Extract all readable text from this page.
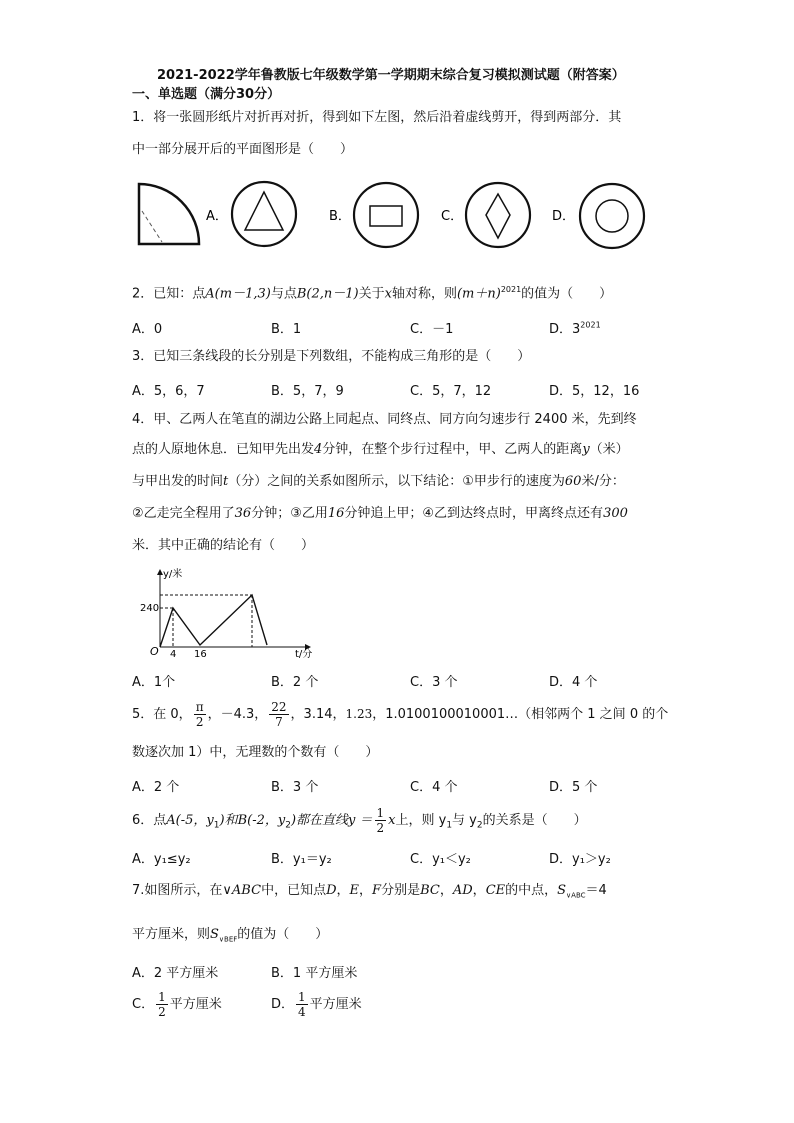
2021-2022学年鲁教版七年级数学第一学期期末综合复习模拟测试题（附答案）
一、单选题（满分30分）
1．将一张圆形纸片对折再对折，得到如下左图，然后沿着虚线剪开，得到两部分．其
中一部分展开后的平面图形是（　　）
A．	B．	C．	D．
2．已知：点A(m－1,3)与点B(2,n－1)关于x轴对称，则$(m+n)^{2021}$的值为（　　）
A．0	B．1	C．－1	D．$3^{2021}$
3．已知三条线段的长分别是下列数组，不能构成三角形的是（　　）
A．5，6，7	B．5，7，9	C．5，7，12	D．5，12，16
4．甲、乙两人在笔直的湖边公路上同起点、同终点、同方向匀速步行 2400 米，先到终
点的人原地休息．已知甲先出发4分钟，在整个步行过程中，甲、乙两人的距离y（米）
与甲出发的时间t（分）之间的关系如图所示，以下结论：①甲步行的速度为60米/分：
②乙走完全程用了36分钟；③乙用16分钟追上甲；④乙到达终点时，甲离终点还有300
米．其中正确的结论有（　　）
y/米
t/分
240
O 4 16
A．1个	B．2 个	C．3 个	D．4 个
5．在 0， $\frac{\pi}{2}$ ，－4.3， $\frac{22}{7}$ ，3.14，1.23，1.0100100010001…（相邻两个 1 之间 0 的个
数逐次加 1）中，无理数的个数有（　　）
A．2 个	B．3 个	C．4 个	D．5 个
6．点A(-5，$y_1$)和B(-2，$y_2$)都在直线$y = \frac{1}{2}$ x上，则 $y_1$与 $y_2$的关系是（　　）
A．y₁≤y₂	B．y₁＝y₂	C．y₁＜y₂	D．y₁＞y₂
7.如图所示，在∨ABC中，已知点D，E，F分别是BC，AD，CE的中点，$S_{\vee ABC}=4$
平方厘米，则$S_{\vee BEF}$的值为（　　）
A．2 平方厘米	B．1 平方厘米
C． $\frac{1}{2}$ 平方厘米	D． $\frac{1}{4}$ 平方厘米
